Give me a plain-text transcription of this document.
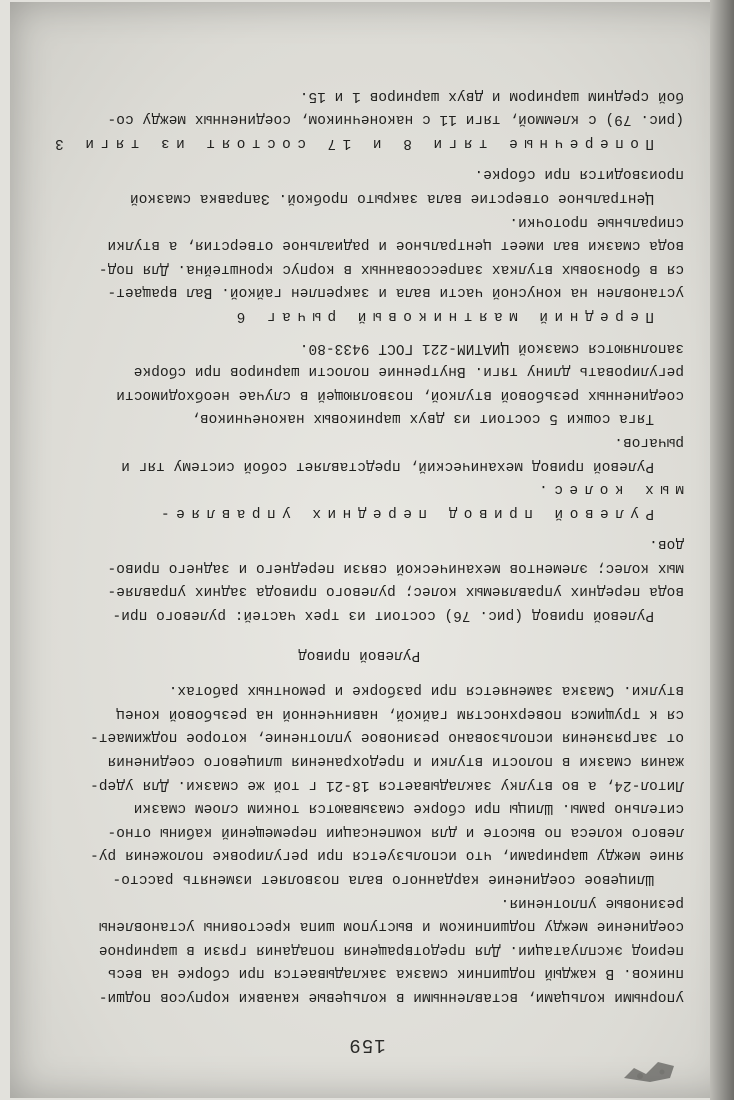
159
упорными кольцами, вставленными в кольцевые канавки корпусов подши-
пников. В каждый подшипник смазка закладывается при сборке на весь
период эксплуатации. Для предотвращения попадания грязи в шарнирное
соединение между подшипником и выступом шипа крестовины установлены
резиновые уплотнения.
Шлицевое соединение карданного вала позволяет изменять рассто-
яние между шарнирами, что используется при регулировке положения ру-
левого колеса по высоте и для компенсации перемещений кабины отно-
сительно рамы. Шлицы при сборке смазываются тонким слоем смазки
Литол-24, а во втулку закладывается 18-21 г той же смазки. Для удер-
жания смазки в полости втулки и предохранения шлицевого соединения
от загрязнения использовано резиновое уплотнение, которое поджимает-
ся к трущимся поверхностям гайкой, навинченной на резьбовой конец
втулки. Смазка заменяется при разборке и ремонтных работах.
Рулевой привод
Рулевой привод (рис. 76) состоит из трех частей: рулевого при-
вода передних управляемых колес; рулевого привода задних управляе-
мых колес; элементов механической связи переднего и заднего приво-
дов.
Рулевой привод передних управляе-
мых колес.
Рулевой привод механический, представляет собой систему тяг и
рычагов.
Тяга сошки 5 состоит из двух шарниковых наконечников,
соединенных резьбовой втулкой, позволяющей в случае необходимости
регулировать длину тяги. Внутренние полости шарниров при сборке
заполняются смазкой ЦИАТИМ-221 ГОСТ 9433-80.
Передний маятниковый рычаг 6
установлен на конусной части вала и закреплен гайкой. Вал вращает-
ся в бронзовых втулках запрессованных в корпус кронштейна. Для под-
вода смазки вал имеет центральное и радиальное отверстия, а втулки
спиральные проточки.
Центральное отверстие вала закрыто пробкой. Заправка смазкой
производится при сборке.
Поперечные тяги 8 и 17 состоят из тяги 3
(рис. 79) с клеммой, тяги 11 с наконечником, соединенных между со-
бой средним шарниром и двух шарниров 1 и 15.
